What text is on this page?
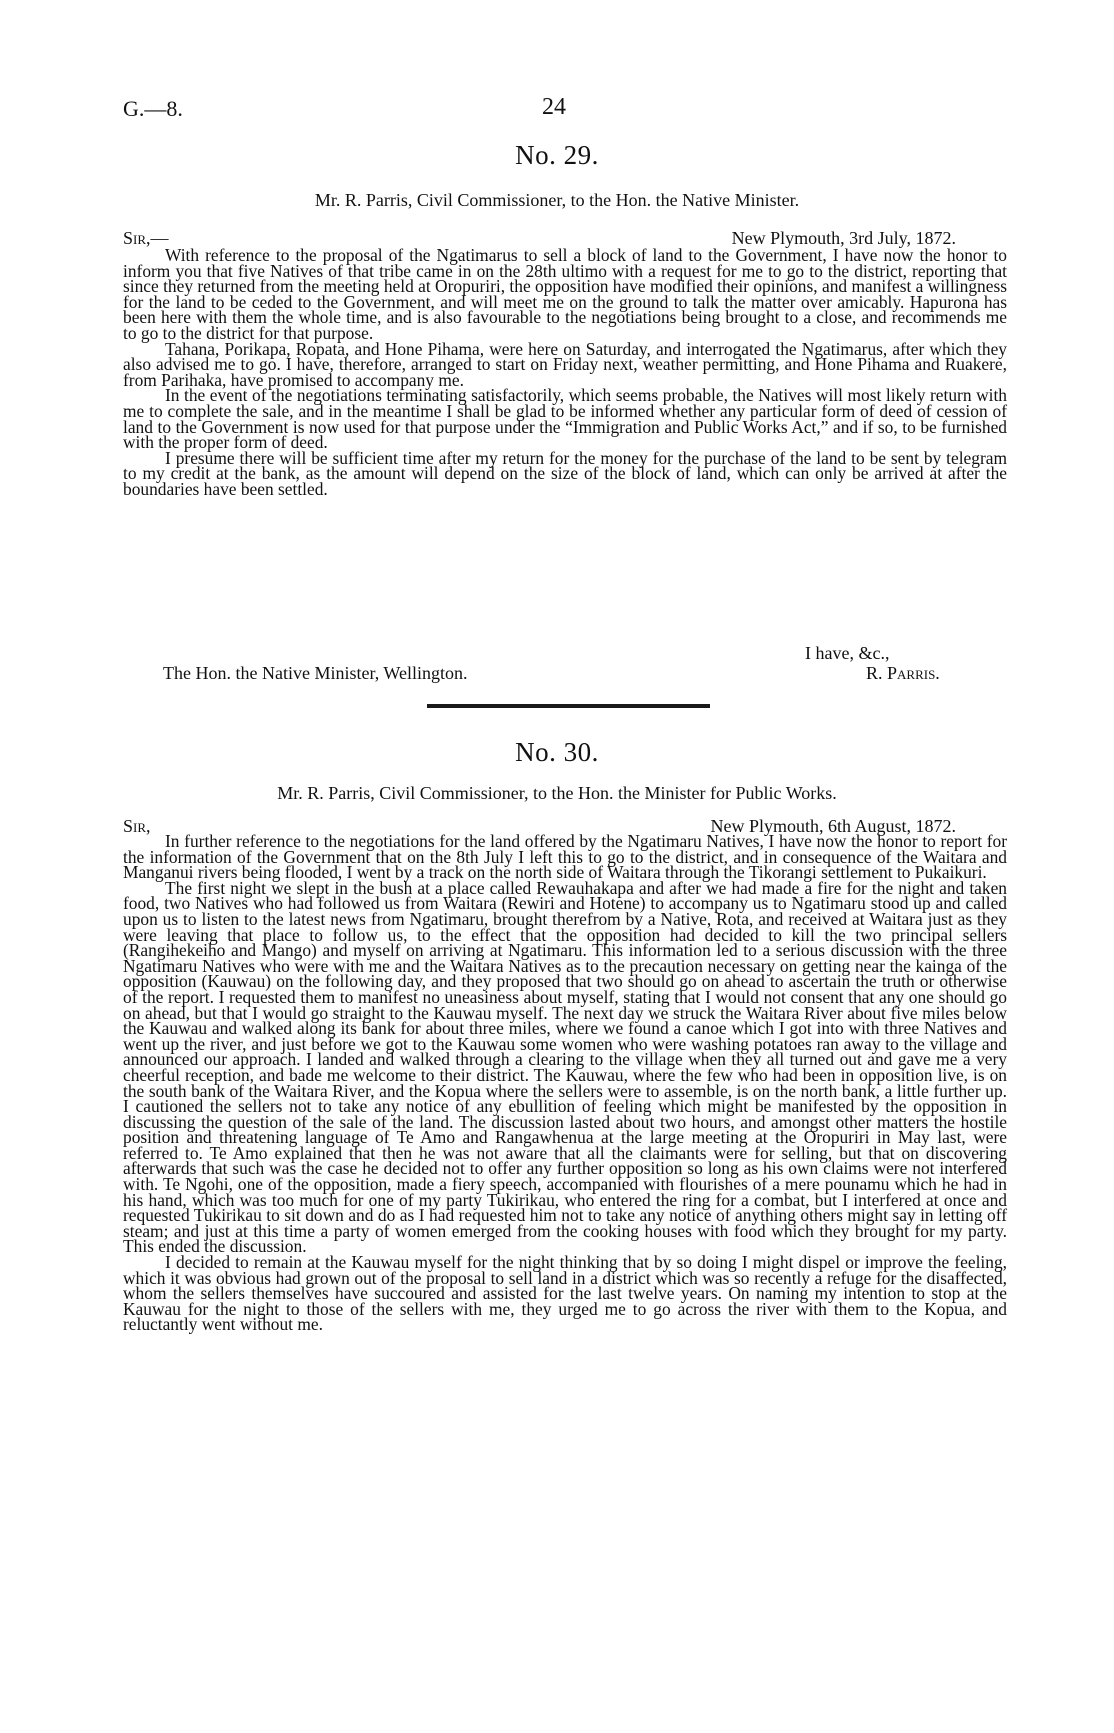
G.—8.	24
No. 29.
Mr. R. Parris, Civil Commissioner, to the Hon. the Native Minister.
Sir,—	New Plymouth, 3rd July, 1872.

With reference to the proposal of the Ngatimarus to sell a block of land to the Government, I have now the honor to inform you that five Natives of that tribe came in on the 28th ultimo with a request for me to go to the district, reporting that since they returned from the meeting held at Oropuriri, the opposition have modified their opinions, and manifest a willingness for the land to be ceded to the Government, and will meet me on the ground to talk the matter over amicably. Hapurona has been here with them the whole time, and is also favourable to the negotiations being brought to a close, and recommends me to go to the district for that purpose.

Tahana, Porikapa, Ropata, and Hone Pihama, were here on Saturday, and interrogated the Ngatimarus, after which they also advised me to go. I have, therefore, arranged to start on Friday next, weather permitting, and Hone Pihama and Ruakere, from Parihaka, have promised to accompany me.

In the event of the negotiations terminating satisfactorily, which seems probable, the Natives will most likely return with me to complete the sale, and in the meantime I shall be glad to be informed whether any particular form of deed of cession of land to the Government is now used for that purpose under the “Immigration and Public Works Act,” and if so, to be furnished with the proper form of deed.

I presume there will be sufficient time after my return for the money for the purchase of the land to be sent by telegram to my credit at the bank, as the amount will depend on the size of the block of land, which can only be arrived at after the boundaries have been settled.

I have, &c.,
The Hon. the Native Minister, Wellington.	R. Parris.
No. 30.
Mr. R. Parris, Civil Commissioner, to the Hon. the Minister for Public Works.
Sir,	New Plymouth, 6th August, 1872.

In further reference to the negotiations for the land offered by the Ngatimaru Natives, I have now the honor to report for the information of the Government that on the 8th July I left this to go to the district, and in consequence of the Waitara and Manganui rivers being flooded, I went by a track on the north side of Waitara through the Tikorangi settlement to Pukaikuri.

The first night we slept in the bush at a place called Rewauhakapa and after we had made a fire for the night and taken food, two Natives who had followed us from Waitara (Rewiri and Hotene) to accompany us to Ngatimaru stood up and called upon us to listen to the latest news from Ngatimaru, brought therefrom by a Native, Rota, and received at Waitara just as they were leaving that place to follow us, to the effect that the opposition had decided to kill the two principal sellers (Rangihekeiho and Mango) and myself on arriving at Ngatimaru. This information led to a serious discussion with the three Ngatimaru Natives who were with me and the Waitara Natives as to the precaution necessary on getting near the kainga of the opposition (Kauwau) on the following day, and they proposed that two should go on ahead to ascertain the truth or otherwise of the report. I requested them to manifest no uneasiness about myself, stating that I would not consent that any one should go on ahead, but that I would go straight to the Kauwau myself. The next day we struck the Waitara River about five miles below the Kauwau and walked along its bank for about three miles, where we found a canoe which I got into with three Natives and went up the river, and just before we got to the Kauwau some women who were washing potatoes ran away to the village and announced our approach. I landed and walked through a clearing to the village when they all turned out and gave me a very cheerful reception, and bade me welcome to their district. The Kauwau, where the few who had been in opposition live, is on the south bank of the Waitara River, and the Kopua where the sellers were to assemble, is on the north bank, a little further up. I cautioned the sellers not to take any notice of any ebullition of feeling which might be manifested by the opposition in discussing the question of the sale of the land. The discussion lasted about two hours, and amongst other matters the hostile position and threatening language of Te Amo and Rangawhenua at the large meeting at the Oropuriri in May last, were referred to. Te Amo explained that then he was not aware that all the claimants were for selling, but that on discovering afterwards that such was the case he decided not to offer any further opposition so long as his own claims were not interfered with. Te Ngohi, one of the opposition, made a fiery speech, accompanied with flourishes of a mere pounamu which he had in his hand, which was too much for one of my party Tukirikau, who entered the ring for a combat, but I interfered at once and requested Tukirikau to sit down and do as I had requested him not to take any notice of anything others might say in letting off steam; and just at this time a party of women emerged from the cooking houses with food which they brought for my party. This ended the discussion.

I decided to remain at the Kauwau myself for the night thinking that by so doing I might dispel or improve the feeling, which it was obvious had grown out of the proposal to sell land in a district which was so recently a refuge for the disaffected, whom the sellers themselves have succoured and assisted for the last twelve years. On naming my intention to stop at the Kauwau for the night to those of the sellers with me, they urged me to go across the river with them to the Kopua, and reluctantly went without me.
